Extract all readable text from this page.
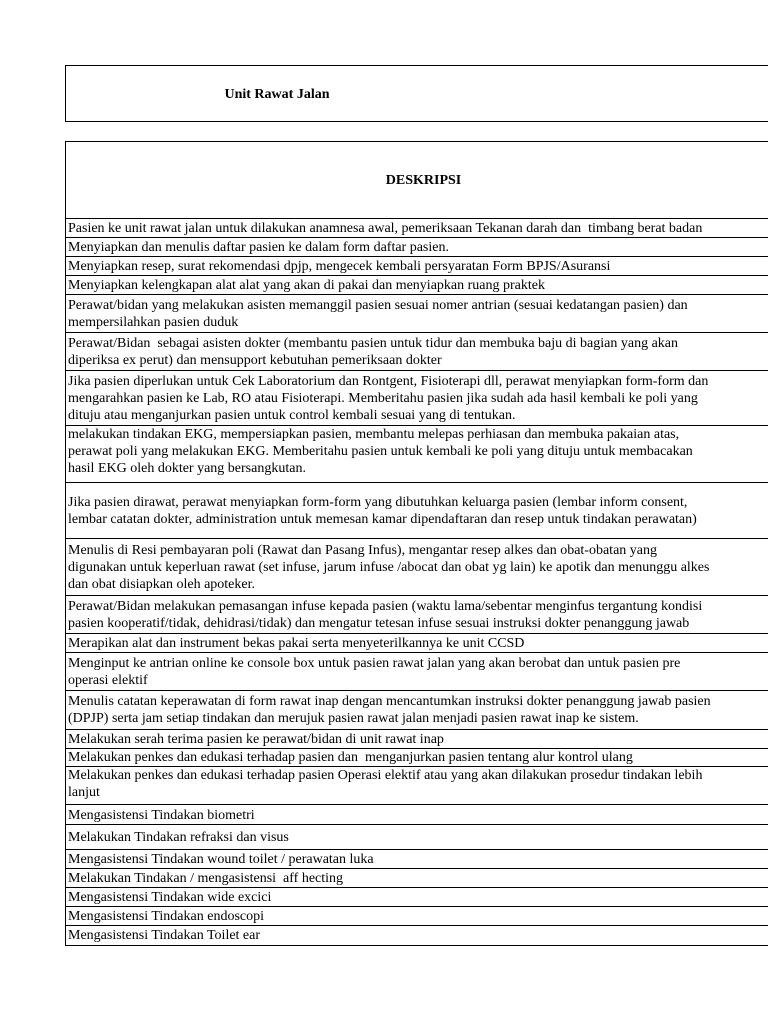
Unit Rawat Jalan
DESKRIPSI
Pasien ke unit rawat jalan untuk dilakukan anamnesa awal, pemeriksaan Tekanan darah dan  timbang berat badan
Menyiapkan dan menulis daftar pasien ke dalam form daftar pasien.
Menyiapkan resep, surat rekomendasi dpjp, mengecek kembali persyaratan Form BPJS/Asuransi
Menyiapkan kelengkapan alat alat yang akan di pakai dan menyiapkan ruang praktek
Perawat/bidan yang melakukan asisten memanggil pasien sesuai nomer antrian (sesuai kedatangan pasien) dan
mempersilahkan pasien duduk
Perawat/Bidan  sebagai asisten dokter (membantu pasien untuk tidur dan membuka baju di bagian yang akan
diperiksa ex perut) dan mensupport kebutuhan pemeriksaan dokter
Jika pasien diperlukan untuk Cek Laboratorium dan Rontgent, Fisioterapi dll, perawat menyiapkan form-form dan
mengarahkan pasien ke Lab, RO atau Fisioterapi. Memberitahu pasien jika sudah ada hasil kembali ke poli yang
dituju atau menganjurkan pasien untuk control kembali sesuai yang di tentukan.
melakukan tindakan EKG, mempersiapkan pasien, membantu melepas perhiasan dan membuka pakaian atas,
perawat poli yang melakukan EKG. Memberitahu pasien untuk kembali ke poli yang dituju untuk membacakan
hasil EKG oleh dokter yang bersangkutan.
Jika pasien dirawat, perawat menyiapkan form-form yang dibutuhkan keluarga pasien (lembar inform consent,
lembar catatan dokter, administration untuk memesan kamar dipendaftaran dan resep untuk tindakan perawatan)
Menulis di Resi pembayaran poli (Rawat dan Pasang Infus), mengantar resep alkes dan obat-obatan yang
digunakan untuk keperluan rawat (set infuse, jarum infuse /abocat dan obat yg lain) ke apotik dan menunggu alkes
dan obat disiapkan oleh apoteker.
Perawat/Bidan melakukan pemasangan infuse kepada pasien (waktu lama/sebentar menginfus tergantung kondisi
pasien kooperatif/tidak, dehidrasi/tidak) dan mengatur tetesan infuse sesuai instruksi dokter penanggung jawab
Merapikan alat dan instrument bekas pakai serta menyeterilkannya ke unit CCSD
Menginput ke antrian online ke console box untuk pasien rawat jalan yang akan berobat dan untuk pasien pre
operasi elektif
Menulis catatan keperawatan di form rawat inap dengan mencantumkan instruksi dokter penanggung jawab pasien
(DPJP) serta jam setiap tindakan dan merujuk pasien rawat jalan menjadi pasien rawat inap ke sistem.
Melakukan serah terima pasien ke perawat/bidan di unit rawat inap
Melakukan penkes dan edukasi terhadap pasien dan  menganjurkan pasien tentang alur kontrol ulang
Melakukan penkes dan edukasi terhadap pasien Operasi elektif atau yang akan dilakukan prosedur tindakan lebih
lanjut
Mengasistensi Tindakan biometri
Melakukan Tindakan refraksi dan visus
Mengasistensi Tindakan wound toilet / perawatan luka
Melakukan Tindakan / mengasistensi  aff hecting
Mengasistensi Tindakan wide excici
Mengasistensi Tindakan endoscopi
Mengasistensi Tindakan Toilet ear
